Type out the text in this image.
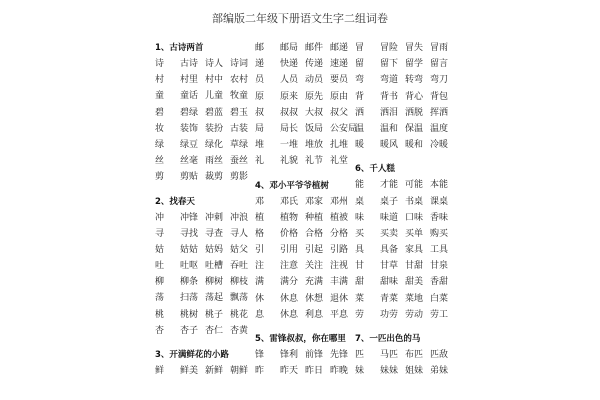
部编版二年级下册语文生字二组词卷
1、古诗两首
诗 古诗 诗人 诗词
村 村里 村中 农村
童 童话 儿童 牧童
碧 碧绿 碧蓝 碧玉
妆 装饰 装扮 古装
绿 绿豆 绿化 草绿
丝 丝毫 雨丝 蚕丝
剪 剪贴 裁剪 剪影
2、找春天
冲 冲锋 冲刺 冲浪
寻 寻找 寻查 寻人
姑 姑姑 姑妈 姑父
吐 吐呕 吐槽 吞吐
柳 柳条 柳树 柳枝
荡 扫荡 荡起 飘荡
桃 桃树 桃子 桃花
杏 杏子 杏仁 杏黄
3、开满鲜花的小路
鲜 鲜美 新鲜 朝鲜
邮 邮局 邮件 邮递
递 快递 传递 速递
员 人员 动员 要员
原 原来 原先 原由
叔 叔叔 大叔 叔父
局 局长 饭局 公安局
堆 一堆 堆放 扎堆
礼 礼貌 礼节 礼堂
4、邓小平爷爷植树
邓 邓氏 邓家 邓州
植 植物 种植 植被
格 价格 合格 分格
引 引用 引起 引路
注 注意 关注 注视
满 满分 充满 丰满
休 休息 休想 退休
息 休息 利息 平息
5、雷锋叔叔，你在哪里
锋 锋利 前锋 先锋
昨 昨天 昨日 昨晚
冒 冒险 冒失 冒雨
留 留下 留学 留言
弯 弯道 转弯 弯刀
背 背书 背心 背包
洒 洒泪 洒脱 挥洒
温 温和 保温 温度
暖 暖风 暖和 冷暖
6、千人糕
能 才能 可能 本能
桌 桌子 书桌 课桌
味 味道 口味 香味
买 买卖 买单 购买
具 具备 家具 工具
甘 甘草 甘甜 甘泉
甜 甜味 甜美 香甜
菜 青菜 菜地 白菜
劳 功劳 劳动 劳工
7、一匹出色的马
匹 马匹 布匹 匹敌
妹 妹妹 姐妹 弟妹
